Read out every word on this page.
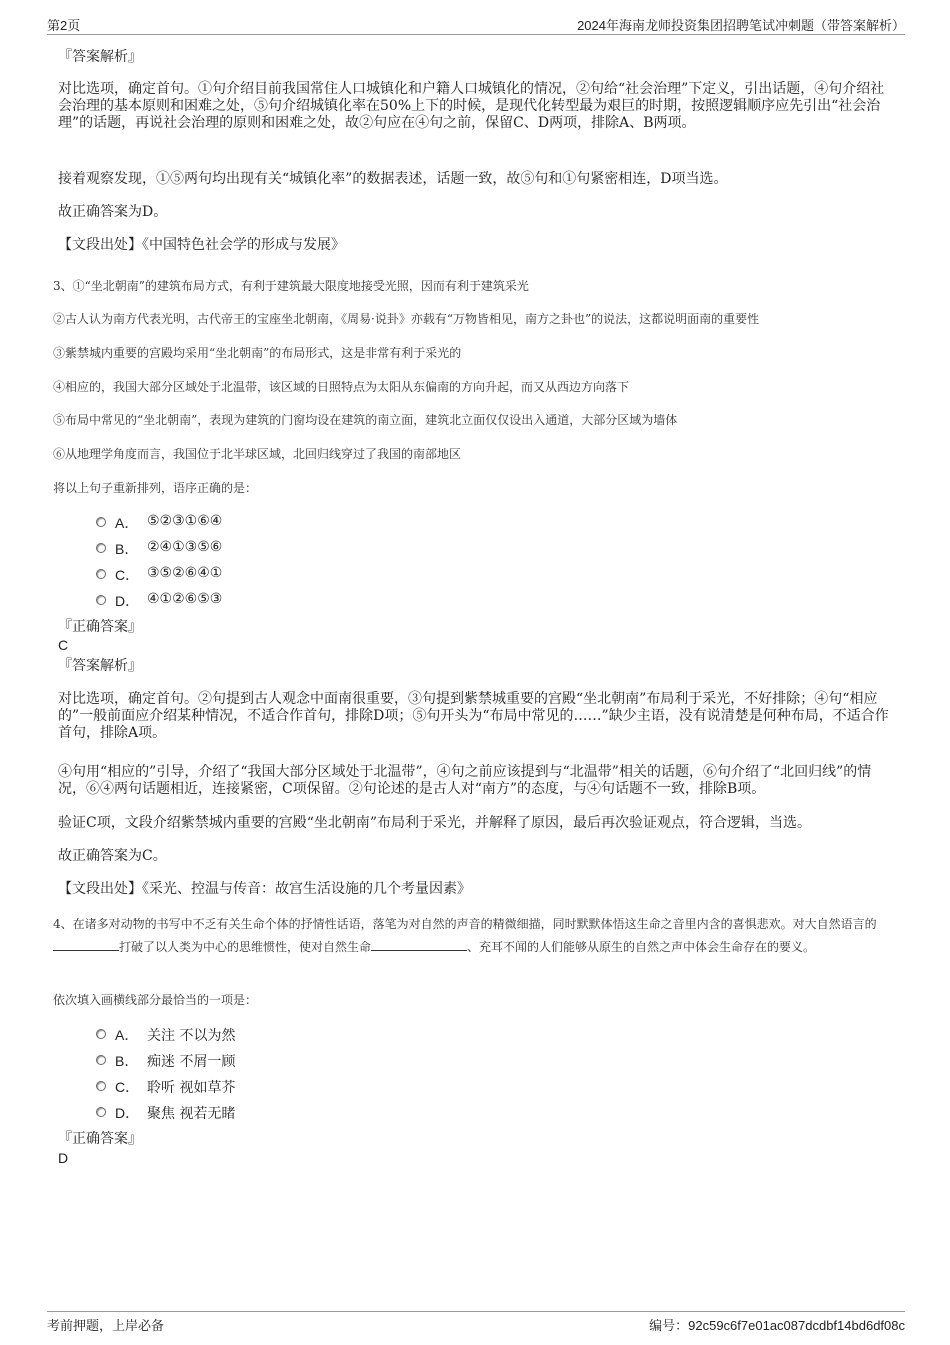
第2页	2024年海南龙师投资集团招聘笔试冲刺题（带答案解析）
『答案解析』
对比选项，确定首句。①句介绍目前我国常住人口城镇化和户籍人口城镇化的情况，②句给“社会治理”下定义，引出话题，④句介绍社会治理的基本原则和困难之处，⑤句介绍城镇化率在50%上下的时候，是现代化转型最为艰巨的时期，按照逻辑顺序应先引出“社会治理”的话题，再说社会治理的原则和困难之处，故②句应在④句之前，保留C、D两项，排除A、B两项。
接着观察发现，①⑤两句均出现有关“城镇化率”的数据表述，话题一致，故⑤句和①句紧密相连，D项当选。
故正确答案为D。
【文段出处】《中国特色社会学的形成与发展》
3、①“坐北朝南”的建筑布局方式，有利于建筑最大限度地接受光照，因而有利于建筑采光
②古人认为南方代表光明，古代帝王的宝座坐北朝南，《周易·说卦》亦载有“万物皆相见，南方之卦也”的说法，这都说明面南的重要性
③紫禁城内重要的宫殿均采用“坐北朝南”的布局形式，这是非常有利于采光的
④相应的，我国大部分区域处于北温带，该区域的日照特点为太阳从东偏南的方向升起，而又从西边方向落下
⑤布局中常见的“坐北朝南”，表现为建筑的门窗均设在建筑的南立面，建筑北立面仅仅设出入通道，大部分区域为墙体
⑥从地理学角度而言，我国位于北半球区域，北回归线穿过了我国的南部地区
将以上句子重新排列，语序正确的是：
A． ⑤②③①⑥④
B． ②④①③⑤⑥
C． ③⑤②⑥④①
D． ④①②⑥⑤③
『正确答案』
C
『答案解析』
对比选项，确定首句。②句提到古人观念中面南很重要，③句提到紫禁城重要的宫殿“坐北朝南”布局利于采光，不好排除；④句“相应的”一般前面应介绍某种情况，不适合作首句，排除D项；⑤句开头为“布局中常见的……”缺少主语，没有说清楚是何种布局，不适合作首句，排除A项。
④句用“相应的”引导，介绍了“我国大部分区域处于北温带”，④句之前应该提到与“北温带”相关的话题，⑥句介绍了“北回归线”的情况，⑥④两句话题相近，连接紧密，C项保留。②句论述的是古人对“南方”的态度，与④句话题不一致，排除B项。
验证C项，文段介绍紫禁城内重要的宫殿“坐北朝南”布局利于采光，并解释了原因，最后再次验证观点，符合逻辑，当选。
故正确答案为C。
【文段出处】《采光、控温与传音：故宫生活设施的几个考量因素》
4、在诸多对动物的书写中不乏有关生命个体的抒情性话语，落笔为对自然的声音的精微细描，同时默默体悟这生命之音里内含的喜惧悲欢。对大自然语言的打破了以人类为中心的思维惯性，使对自然生命	、充耳不闻的人们能够从原生的自然之声中体会生命存在的要义。
依次填入画横线部分最恰当的一项是：
A． 关注 不以为然
B． 痴迷 不屑一顾
C． 聆听 视如草芥
D． 聚焦 视若无睹
『正确答案』
D
考前押题，上岸必备	编号：92c59c6f7e01ac087dcdbf14bd6df08c
